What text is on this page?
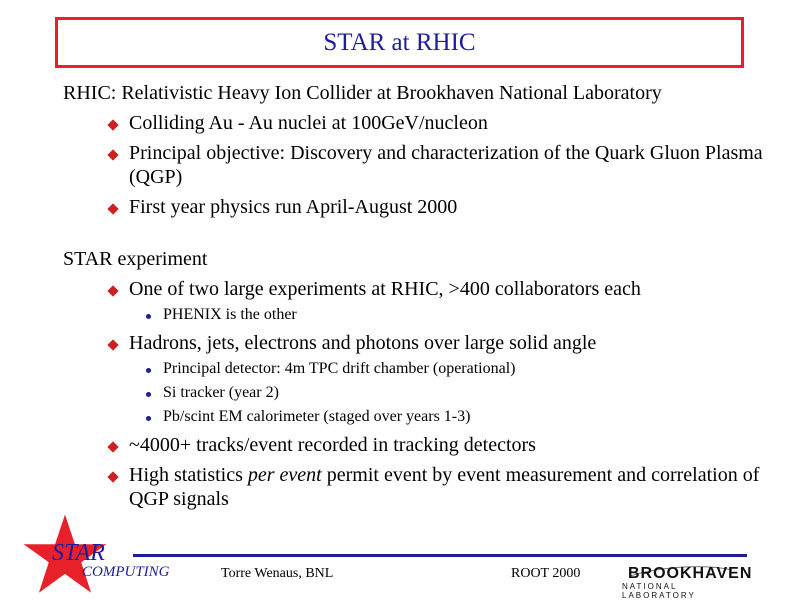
STAR at RHIC
RHIC: Relativistic Heavy Ion Collider at Brookhaven National Laboratory
Colliding Au - Au nuclei at 100GeV/nucleon
Principal objective: Discovery and characterization of the Quark Gluon Plasma (QGP)
First year physics run April-August 2000
STAR experiment
One of two large experiments at RHIC, >400 collaborators each
PHENIX is the other
Hadrons, jets, electrons and photons over large solid angle
Principal detector: 4m TPC drift chamber (operational)
Si tracker (year 2)
Pb/scint EM calorimeter (staged over years 1-3)
~4000+ tracks/event recorded in tracking detectors
High statistics per event permit event by event measurement and correlation of QGP signals
STAR
COMPUTING	Torre Wenaus, BNL	ROOT 2000	BROOKHAVEN
NATIONAL LABORATORY
